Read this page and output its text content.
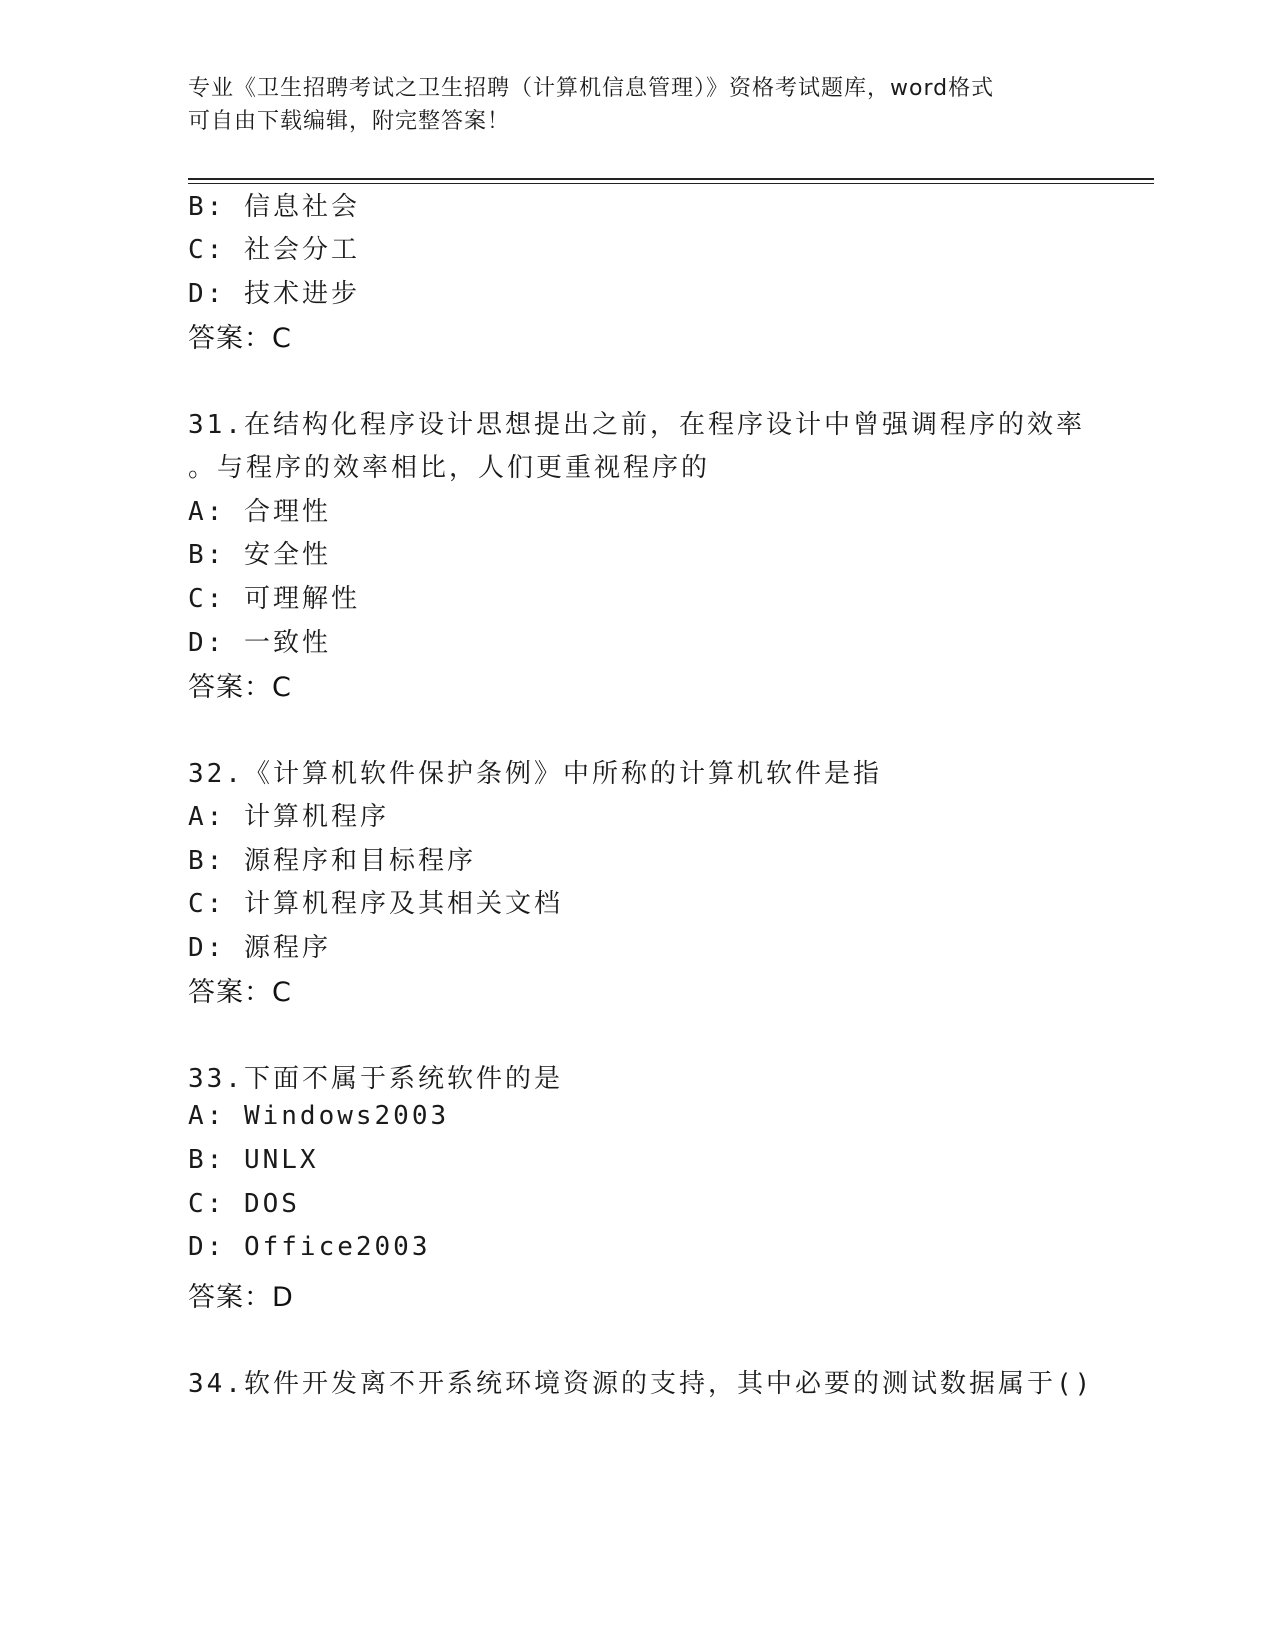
专业《卫生招聘考试之卫生招聘（计算机信息管理）》资格考试题库，word格式
可自由下载编辑，附完整答案！
B: 信息社会
C: 社会分工
D: 技术进步
答案：C
31.在结构化程序设计思想提出之前，在程序设计中曾强调程序的效率
。与程序的效率相比，人们更重视程序的
A: 合理性
B: 安全性
C: 可理解性
D: 一致性
答案：C
32.《计算机软件保护条例》中所称的计算机软件是指
A: 计算机程序
B: 源程序和目标程序
C: 计算机程序及其相关文档
D: 源程序
答案：C
33.下面不属于系统软件的是
A: Windows2003
B: UNLX
C: DOS
D: Office2003
答案：D
34.软件开发离不开系统环境资源的支持，其中必要的测试数据属于()
